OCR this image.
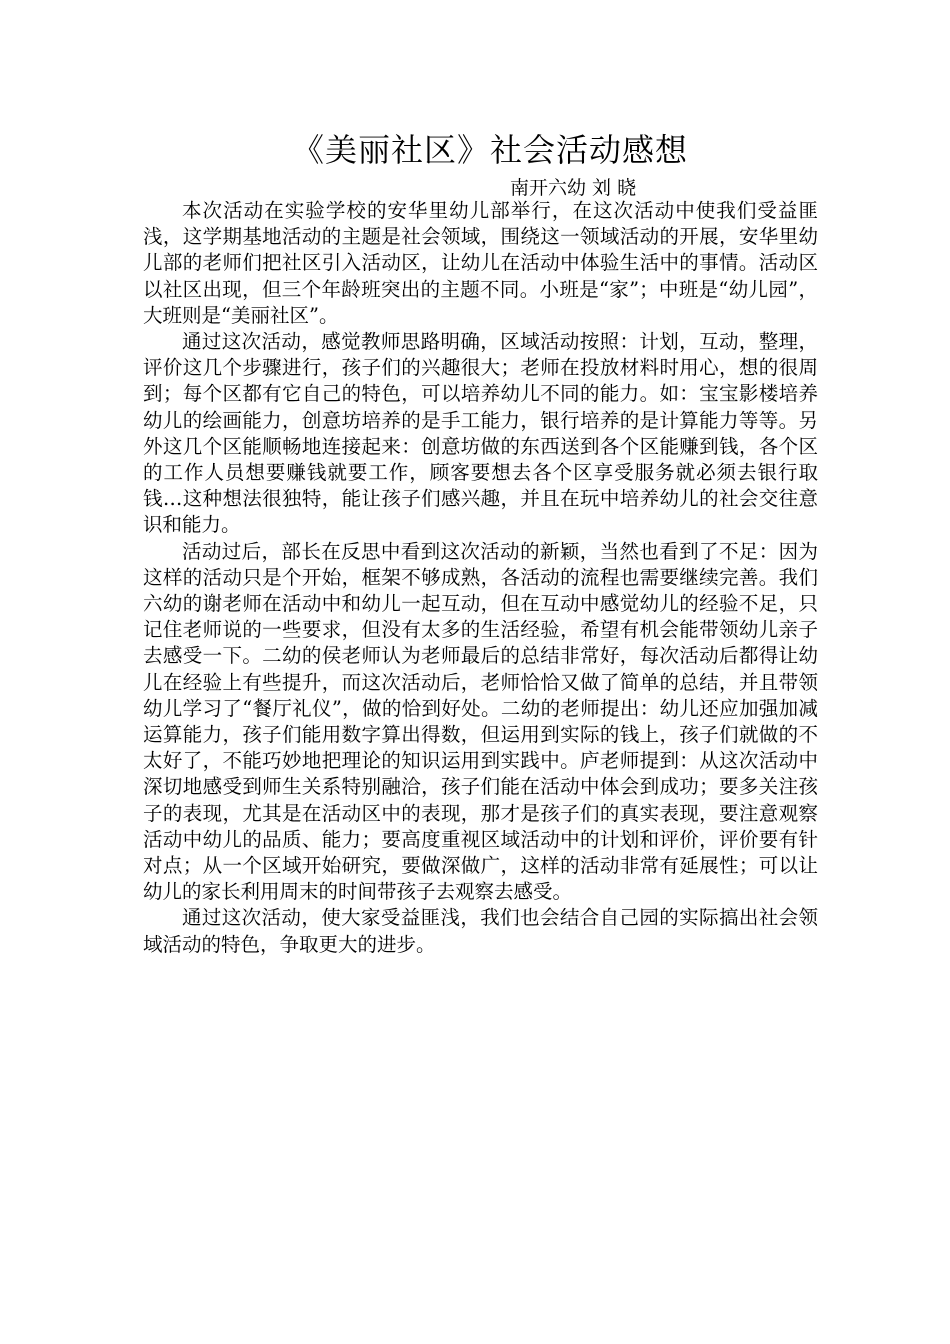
《美丽社区》社会活动感想
南开六幼 刘 晓

本次活动在实验学校的安华里幼儿部举行，在这次活动中使我们受益匪浅，这学期基地活动的主题是社会领域，围绕这一领域活动的开展，安华里幼儿部的老师们把社区引入活动区，让幼儿在活动中体验生活中的事情。活动区以社区出现，但三个年龄班突出的主题不同。小班是“家”；中班是“幼儿园”，大班则是“美丽社区”。

通过这次活动，感觉教师思路明确，区域活动按照：计划，互动，整理，评价这几个步骤进行，孩子们的兴趣很大；老师在投放材料时用心，想的很周到；每个区都有它自己的特色，可以培养幼儿不同的能力。如：宝宝影楼培养幼儿的绘画能力，创意坊培养的是手工能力，银行培养的是计算能力等等。另外这几个区能顺畅地连接起来：创意坊做的东西送到各个区能赚到钱，各个区的工作人员想要赚钱就要工作，顾客要想去各个区享受服务就必须去银行取钱…这种想法很独特，能让孩子们感兴趣，并且在玩中培养幼儿的社会交往意识和能力。

活动过后，部长在反思中看到这次活动的新颖，当然也看到了不足：因为这样的活动只是个开始，框架不够成熟，各活动的流程也需要继续完善。我们六幼的谢老师在活动中和幼儿一起互动，但在互动中感觉幼儿的经验不足，只记住老师说的一些要求，但没有太多的生活经验，希望有机会能带领幼儿亲子去感受一下。二幼的侯老师认为老师最后的总结非常好，每次活动后都得让幼儿在经验上有些提升，而这次活动后，老师恰恰又做了简单的总结，并且带领幼儿学习了“餐厅礼仪”，做的恰到好处。二幼的老师提出：幼儿还应加强加减运算能力，孩子们能用数字算出得数，但运用到实际的钱上，孩子们就做的不太好了，不能巧妙地把理论的知识运用到实践中。庐老师提到：从这次活动中深切地感受到师生关系特别融洽，孩子们能在活动中体会到成功；要多关注孩子的表现，尤其是在活动区中的表现，那才是孩子们的真实表现，要注意观察活动中幼儿的品质、能力；要高度重视区域活动中的计划和评价，评价要有针对点；从一个区域开始研究，要做深做广，这样的活动非常有延展性；可以让幼儿的家长利用周末的时间带孩子去观察去感受。

通过这次活动，使大家受益匪浅，我们也会结合自己园的实际搞出社会领域活动的特色，争取更大的进步。
